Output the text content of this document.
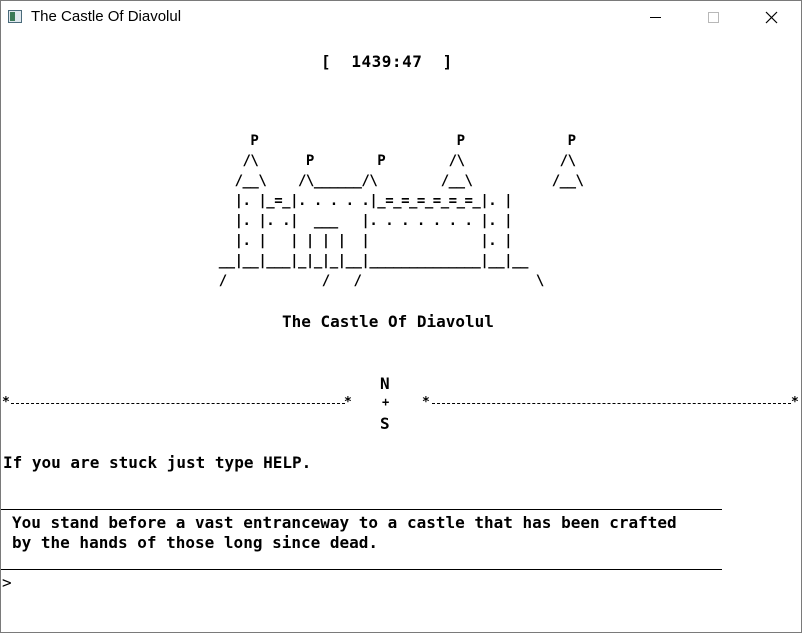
The Castle Of Diavolul
[  1439:47  ]
P                         P             P
/\      P        P        /\            /\
/__\    /\______/\        /__\          /__\
|. |_=_|. . . . .|_=_=_=_=_=_=_|. |
|. |. .|  ___   |. . . . . . . |. |
|. |   | | | |  |              |. |
__|__|___|_|_|_|__|______________|__|__
/            /   /                      \
The Castle Of Diavolul
*	*
N
+
S
*	*
If you are stuck just type HELP.
You stand before a vast entranceway to a castle that has been crafted
by the hands of those long since dead.
>
